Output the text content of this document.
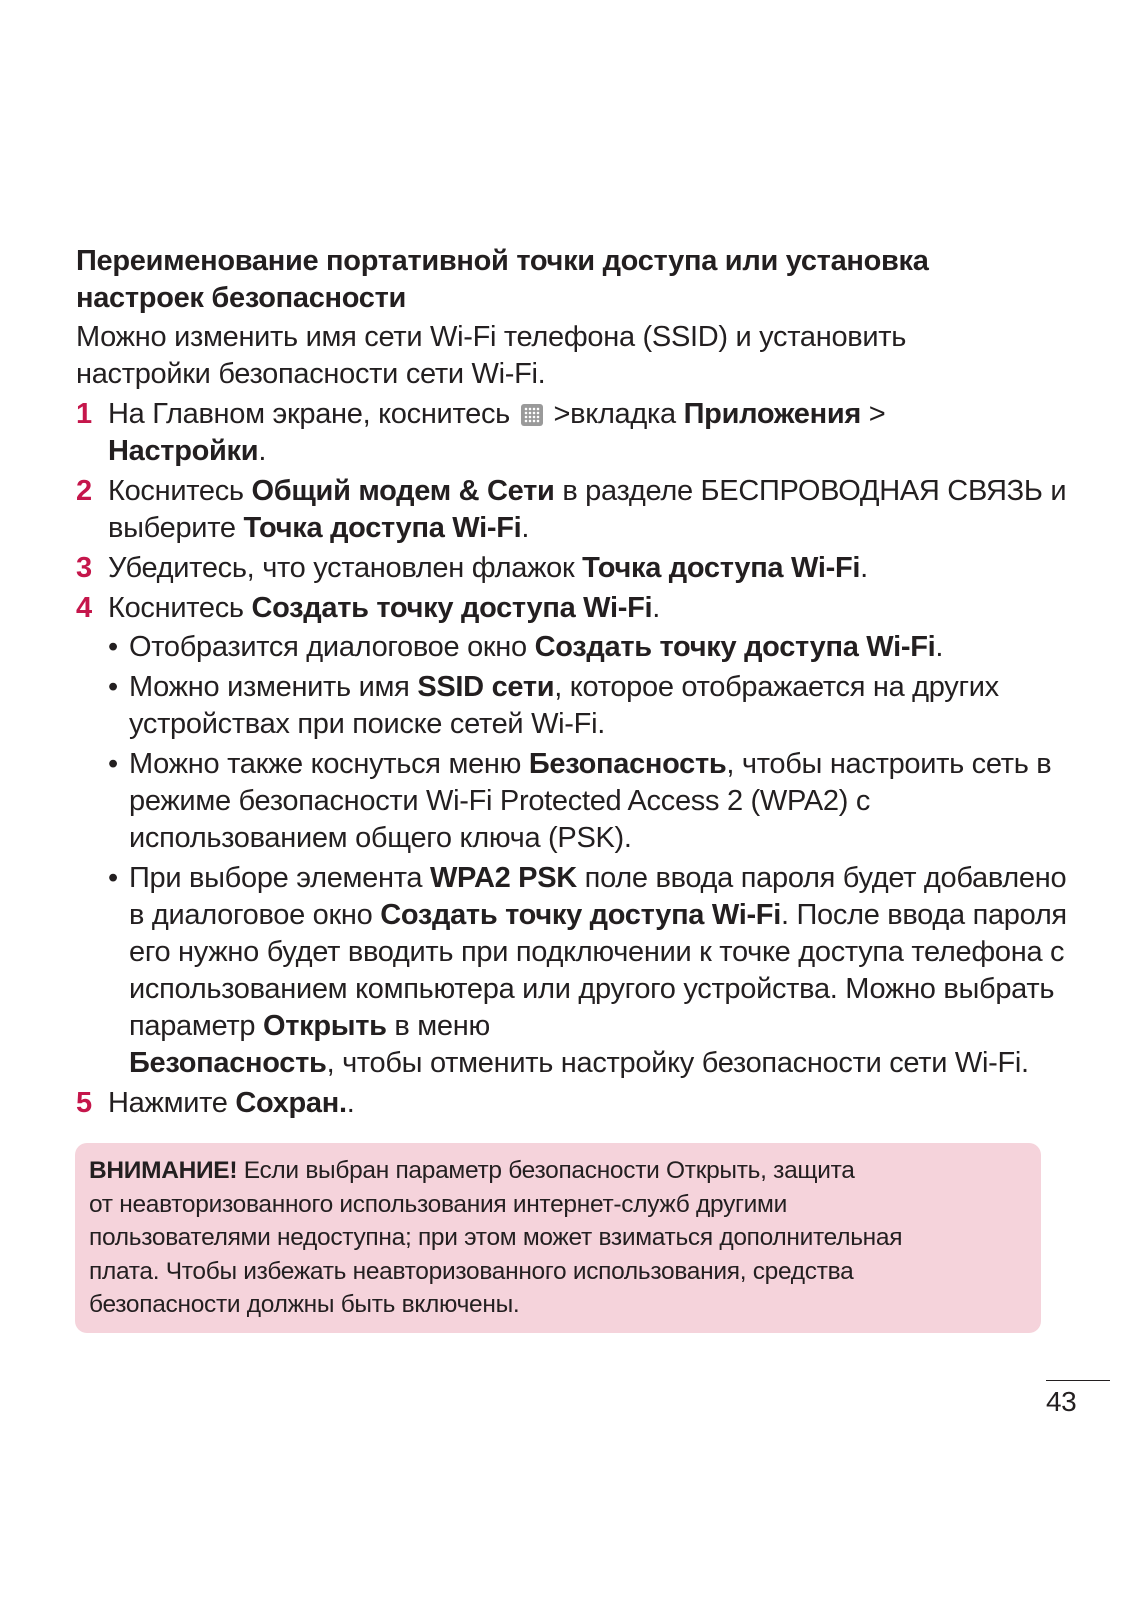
Переименование портативной точки доступа или установка
настроек безопасности

Можно изменить имя сети Wi-Fi телефона (SSID) и установить
настройки безопасности сети Wi-Fi.

1 На Главном экране, коснитесь >вкладка Приложения >
Настройки.
2 Коснитесь Общий модем & Сети в разделе БЕСПРОВОДНАЯ СВЯЗЬ и выберите Точка доступа Wi-Fi.
3 Убедитесь, что установлен флажок Точка доступа Wi-Fi.
4 Коснитесь Создать точку доступа Wi-Fi.
• Отобразится диалоговое окно Создать точку доступа Wi-Fi.
• Можно изменить имя SSID сети, которое отображается на других устройствах при поиске сетей Wi-Fi.
• Можно также коснуться меню Безопасность, чтобы настроить сеть в режиме безопасности Wi-Fi Protected Access 2 (WPA2) с использованием общего ключа (PSK).
• При выборе элемента WPA2 PSK поле ввода пароля будет добавлено в диалоговое окно Создать точку доступа Wi-Fi. После ввода пароля его нужно будет вводить при подключении к точке доступа телефона с использованием компьютера или другого устройства. Можно выбрать параметр Открыть в меню
Безопасность, чтобы отменить настройку безопасности сети Wi-Fi.
5 Нажмите Сохран..
ВНИМАНИЕ! Если выбран параметр безопасности Открыть, защита
от неавторизованного использования интернет-служб другими
пользователями недоступна; при этом может взиматься дополнительная
плата. Чтобы избежать неавторизованного использования, средства
безопасности должны быть включены.
43
